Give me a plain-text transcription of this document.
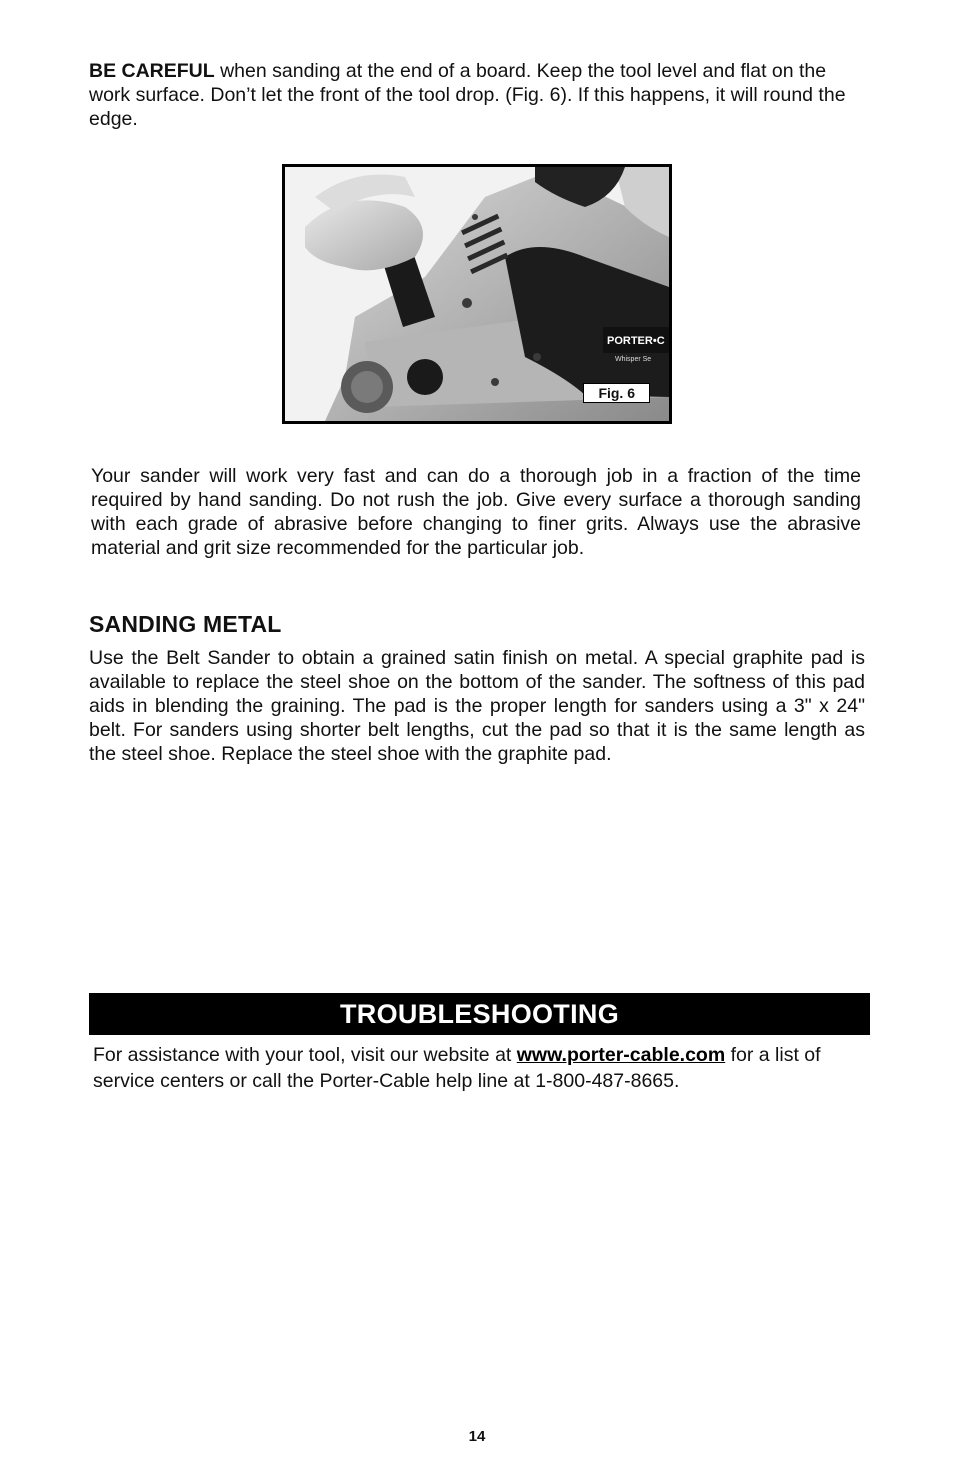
BE CAREFUL when sanding at the end of a board. Keep the tool level and flat on the work surface. Don’t let the front of the tool drop. (Fig. 6). If this happens, it will round the edge.

PORTER•C
Whisper Se
Fig. 6

Your sander will work very fast and can do a thorough job in a fraction of the time required by hand sanding. Do not rush the job. Give every surface a thorough sanding with each grade of abrasive before changing to finer grits. Always use the abrasive material and grit size recommended for the particular job.

SANDING METAL

Use the Belt Sander to obtain a grained satin finish on metal. A special graphite pad is available to replace the steel shoe on the bottom of the sander. The softness of this pad aids in blending the graining. The pad is the proper length for sanders using a 3" x 24" belt. For sanders using shorter belt lengths, cut the pad so that it is the same length as the steel shoe. Replace the steel shoe with the graphite pad.

TROUBLESHOOTING

For assistance with your tool, visit our website at www.porter-cable.com for a list of service centers or call the Porter-Cable help line at 1-800-487-8665.

14
